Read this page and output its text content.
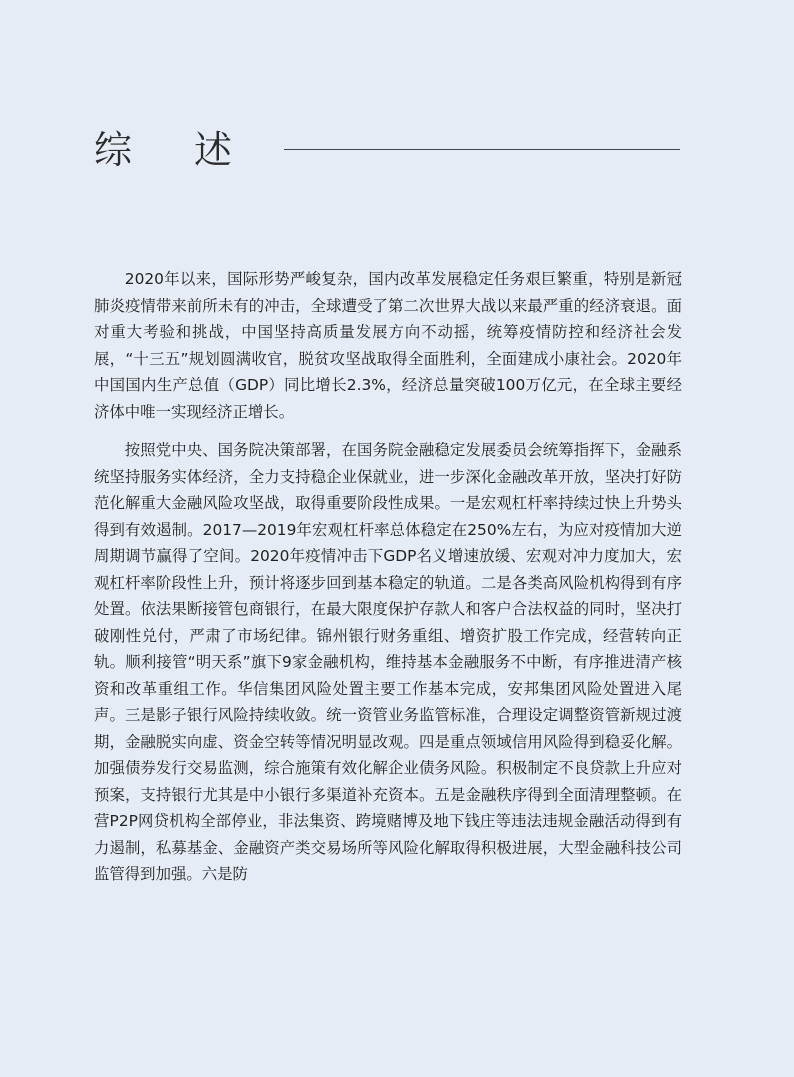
综述

2020年以来，国际形势严峻复杂，国内改革发展稳定任务艰巨繁重，特别是新冠肺炎疫情带来前所未有的冲击，全球遭受了第二次世界大战以来最严重的经济衰退。面对重大考验和挑战，中国坚持高质量发展方向不动摇，统筹疫情防控和经济社会发展，“十三五”规划圆满收官，脱贫攻坚战取得全面胜利，全面建成小康社会。2020年中国国内生产总值（GDP）同比增长2.3%，经济总量突破100万亿元，在全球主要经济体中唯一实现经济正增长。

按照党中央、国务院决策部署，在国务院金融稳定发展委员会统筹指挥下，金融系统坚持服务实体经济，全力支持稳企业保就业，进一步深化金融改革开放，坚决打好防范化解重大金融风险攻坚战，取得重要阶段性成果。一是宏观杠杆率持续过快上升势头得到有效遏制。2017—2019年宏观杠杆率总体稳定在250%左右，为应对疫情加大逆周期调节赢得了空间。2020年疫情冲击下GDP名义增速放缓、宏观对冲力度加大，宏观杠杆率阶段性上升，预计将逐步回到基本稳定的轨道。二是各类高风险机构得到有序处置。依法果断接管包商银行，在最大限度保护存款人和客户合法权益的同时，坚决打破刚性兑付，严肃了市场纪律。锦州银行财务重组、增资扩股工作完成，经营转向正轨。顺利接管“明天系”旗下9家金融机构，维持基本金融服务不中断，有序推进清产核资和改革重组工作。华信集团风险处置主要工作基本完成，安邦集团风险处置进入尾声。三是影子银行风险持续收敛。统一资管业务监管标准，合理设定调整资管新规过渡期，金融脱实向虚、资金空转等情况明显改观。四是重点领域信用风险得到稳妥化解。加强债券发行交易监测，综合施策有效化解企业债务风险。积极制定不良贷款上升应对预案，支持银行尤其是中小银行多渠道补充资本。五是金融秩序得到全面清理整顿。在营P2P网贷机构全部停业，非法集资、跨境赌博及地下钱庄等违法违规金融活动得到有力遏制，私募基金、金融资产类交易场所等风险化解取得积极进展，大型金融科技公司监管得到加强。六是防
